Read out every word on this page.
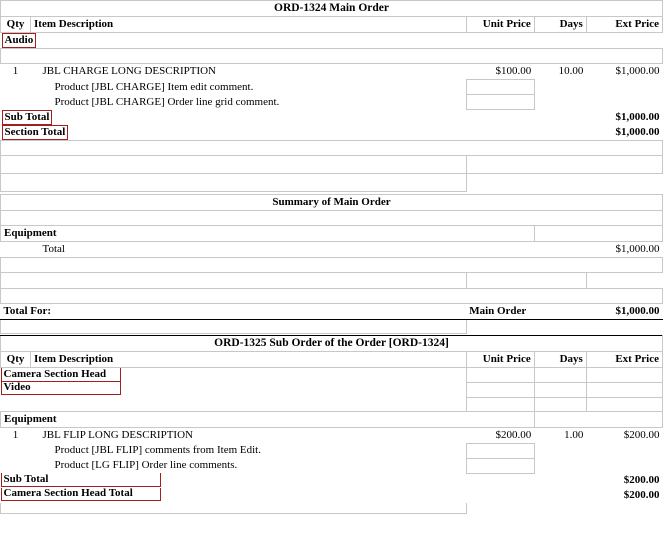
ORD-1324 Main Order				
Qty	Item Description	Unit Price	Days	Ext Price
Audio				

1	JBL CHARGE LONG DESCRIPTION	$100.00	10.00	$1,000.00
	Product [JBL CHARGE] Item edit comment.			
	Product [JBL CHARGE] Order line grid comment.			
Sub Total				$1,000.00
Section Total				$1,000.00

Summary of Main Order				

Equipment				
	Total			$1,000.00

Total For:		Main Order		$1,000.00

ORD-1325 Sub Order of the Order [ORD-1324]				
Qty	Item Description	Unit Price	Days	Ext Price

Camera Section Head				

Video				

Equipment				
1	JBL FLIP LONG DESCRIPTION	$200.00	1.00	$200.00
	Product [JBL FLIP] comments from Item Edit.			
	Product [LG FLIP] Order line comments.			

Sub Total				$200.00

Camera Section Head Total				$200.00
